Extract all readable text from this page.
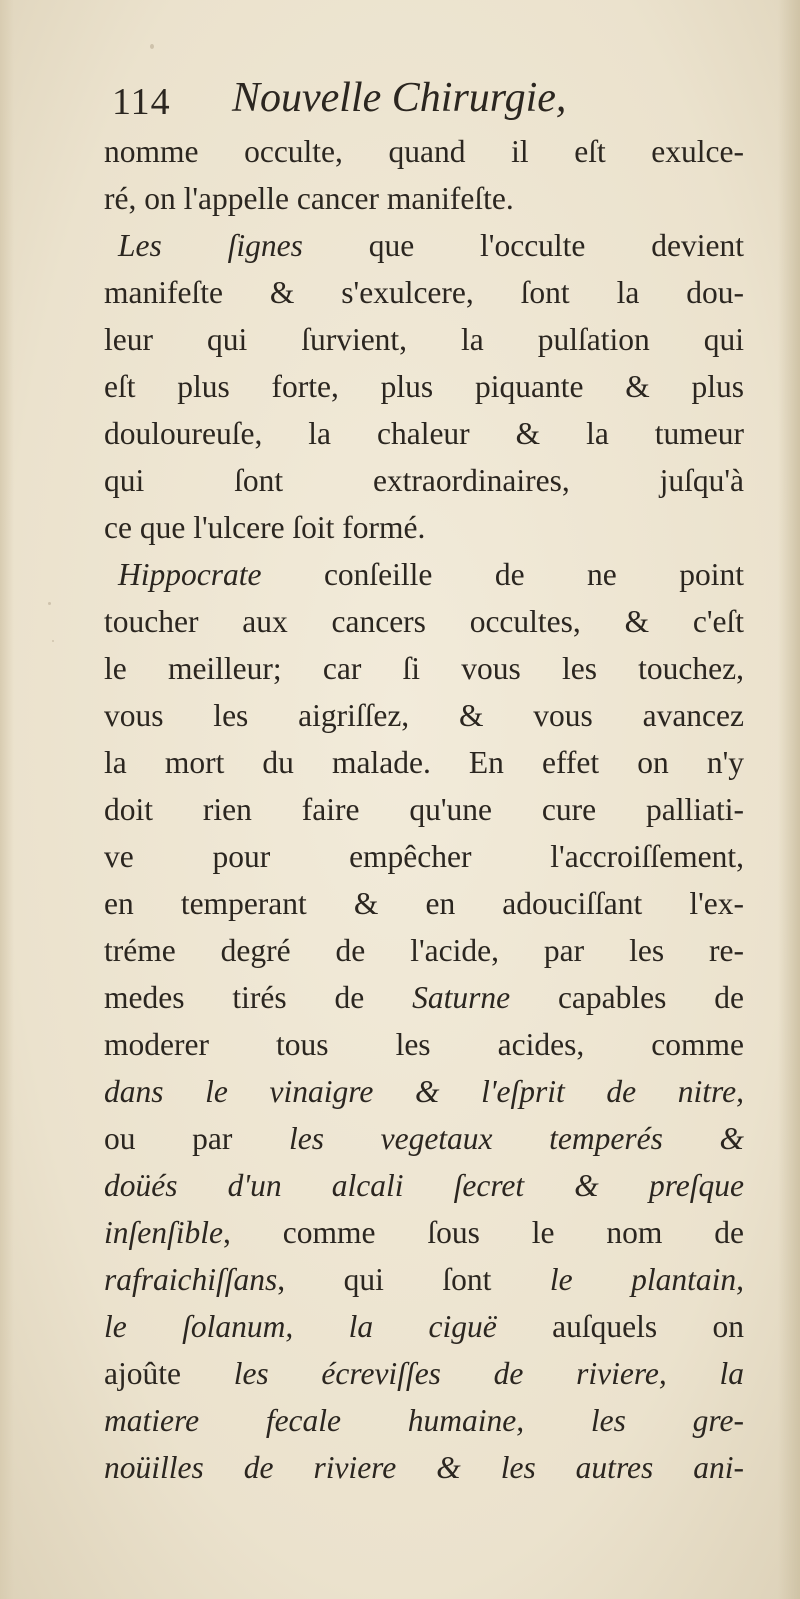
114 Nouvelle Chirurgie,
nomme occulte, quand il eſt exulce-
ré, on l'appelle cancer manifeſte.
Les ſignes que l'occulte devient
manifeſte & s'exulcere, ſont la dou-
leur qui ſurvient, la pulſation qui
eſt plus forte, plus piquante & plus
douloureuſe, la chaleur & la tumeur
qui ſont extraordinaires, juſqu'à
ce que l'ulcere ſoit formé.
Hippocrate conſeille de ne point
toucher aux cancers occultes, & c'eſt
le meilleur; car ſi vous les touchez,
vous les aigriſſez, & vous avancez
la mort du malade. En effet on n'y
doit rien faire qu'une cure palliati-
ve pour empêcher l'accroiſſement,
en temperant & en adouciſſant l'ex-
tréme degré de l'acide, par les re-
medes tirés de Saturne capables de
moderer tous les acides, comme
dans le vinaigre & l'eſprit de nitre,
ou par les vegetaux temperés &
doüés d'un alcali ſecret & preſque
inſenſible, comme ſous le nom de
rafraichiſſans, qui ſont le plantain,
le ſolanum, la ciguë auſquels on
ajoûte les écreviſſes de riviere, la
matiere fecale humaine, les gre-
noüilles de riviere & les autres ani-
